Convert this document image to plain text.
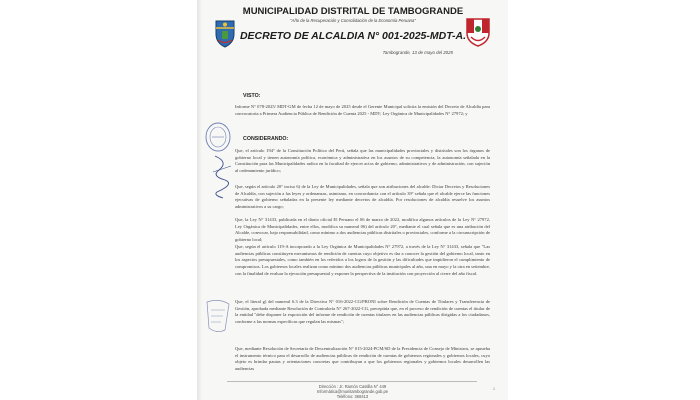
MUNICIPALIDAD DISTRITAL DE TAMBOGRANDE
"Año de la Recuperación y Consolidación de la Economía Peruana"
DECRETO DE ALCALDIA N° 001-2025-MDT-A.
Tambogrande, 13 de mayo del 2025
VISTO:
Informe N° 078-2025/ MDT-GM de fecha 12 de mayo de 2025 desde el Gerente Municipal solicita la emisión del Decreto de Alcaldía para convocatoria a Primera Audiencia Pública de Rendición de Cuenta 2025 - MDT; Ley Orgánica de Municipalidades N° 27972; y
CONSIDERANDO:
Que, el artículo 194° de la Constitución Política del Perú, señala que las municipalidades provinciales y distritales son los órganos de gobierno local y tienen autonomía política, económica y administrativa en los asuntos de su competencia, la autonomía señalada en la Constitución para las Municipalidades radica en la facultad de ejercer actos de gobierno, administrativos y de administración, con sujeción al ordenamiento jurídico;
Que, según el artículo 20° inciso 6) de la Ley de Municipalidades, señala que son atribuciones del alcalde: Dictar Decretos y Resoluciones de Alcaldía, con sujeción a las leyes y ordenanzas, asimismo, en concordancia con el artículo 39° señala que el alcalde ejerce las funciones ejecutivas de gobierno señaladas en la presente ley mediante decretos de alcaldía. Por resoluciones de alcaldía resuelve los asuntos administrativos a su cargo;
Que, la Ley N° 31433, publicada en el diario oficial El Peruano el 06 de marzo de 2022, modifica algunos artículos de la Ley N° 27972, Ley Orgánica de Municipalidades, entre ellos, modifica su numeral 06) del artículo 20°, mediante el cual señala que es una atribución del Alcalde, convocar, bajo responsabilidad, como mínimo a dos audiencias públicas distritales o provinciales, conforme a la circunscripción de gobierno local;
Que, según el artículo 119-A incorporado a la Ley Orgánica de Municipalidades N° 27972, a través de la Ley N° 31433, señala que "Las audiencias públicas constituyen mecanismos de rendición de cuentas cuyo objetivo es dar a conocer la gestión del gobierno local, tanto en los aspectos presupuestales, como también en los referidos a los logros de la gestión y las dificultades que impidieron el cumplimiento de compromisos. Los gobiernos locales realizan como mínimo dos audiencias públicas municipales al año, una en mayo y la otra en setiembre, con la finalidad de evaluar la ejecución presupuestal y exponer la perspectiva de la institución con proyección al cierre del año fiscal.
Que, el literal g) del numeral 6.3 de la Directiva N° 016-2022-CG/PRONI sobre Rendición de Cuentas de Titulares y Transferencia de Gestión, aprobada mediante Resolución de Contraloría N° 267-2022-CG, precepttúa que, en el proceso de rendición de cuentas el titular de la entidad "debe disponer la exposición del informe de rendición de cuentas titulares en las audiencias públicas dirigidas a los ciudadanos, conforme a las normas específicas que regulan las mismas";
Que, mediante Resolución de Secretaría de Descentralización N° 015-2024-PCM/SD de la Presidencia de Consejo de Ministros, se aprueba el instrumento técnico para el desarrollo de audiencias públicas de rendición de cuentas de gobiernos regionales y gobiernos locales, cuyo objeto es brindar pautas y orientaciones concretas que contribuyan a que los gobiernos regionales y gobiernos locales desarrollen las audiencias
Dirección : Jr. Ramón Castilla N° 449
Informática@munitambogrande.gob.pe
Teléfono: 368413
1
